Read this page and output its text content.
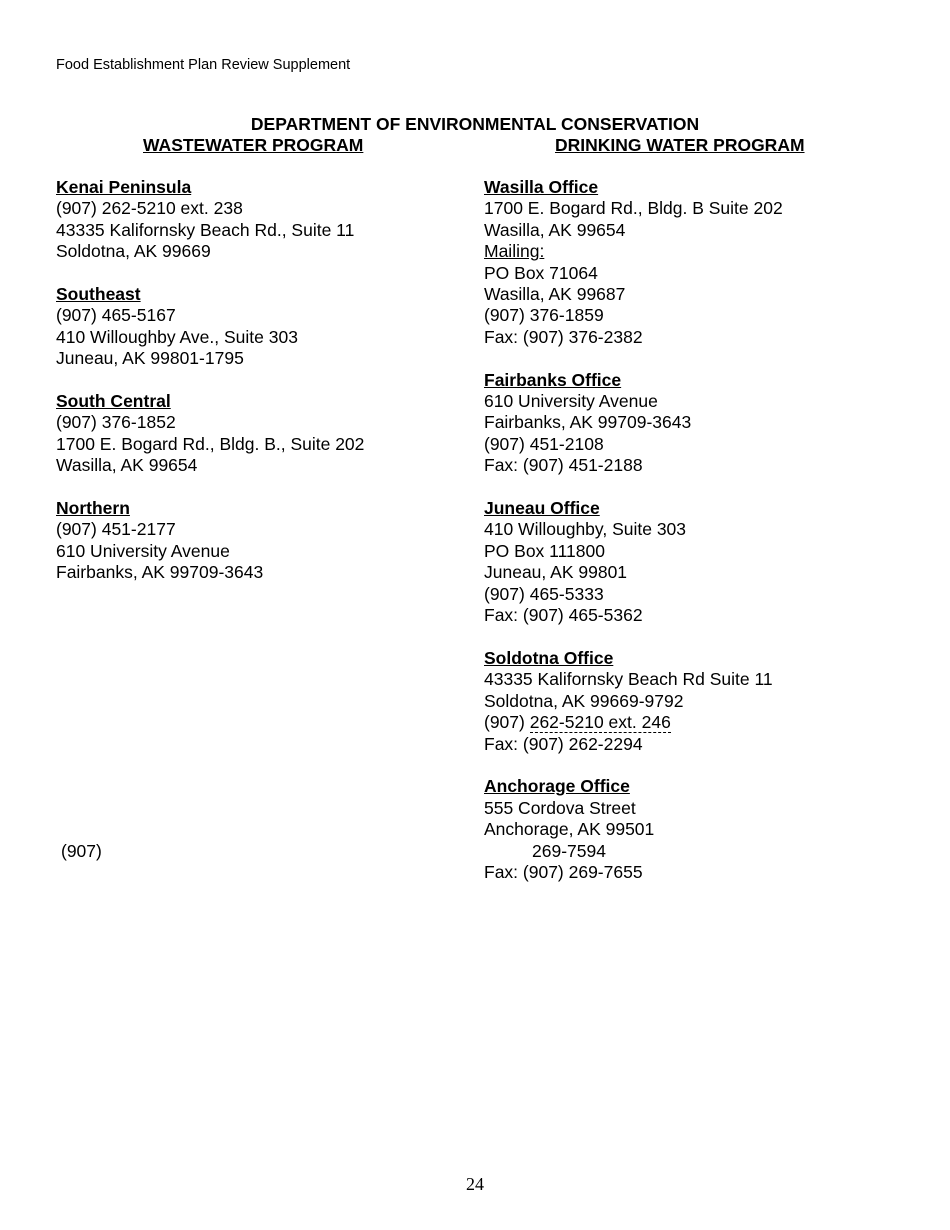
Food Establishment Plan Review Supplement
DEPARTMENT OF ENVIRONMENTAL CONSERVATION
WASTEWATER PROGRAM	DRINKING WATER PROGRAM
Kenai Peninsula
(907) 262-5210 ext. 238
43335 Kalifornsky Beach Rd., Suite 11
Soldotna, AK 99669
Southeast
(907) 465-5167
410 Willoughby Ave., Suite 303
Juneau, AK 99801-1795
South Central
(907) 376-1852
1700 E. Bogard Rd., Bldg. B., Suite 202
Wasilla, AK 99654
Northern
(907) 451-2177
610 University Avenue
Fairbanks, AK 99709-3643
(907)
Wasilla Office
1700 E. Bogard Rd., Bldg. B Suite 202
Wasilla, AK 99654
Mailing:
PO Box 71064
Wasilla, AK 99687
(907) 376-1859
Fax: (907) 376-2382
Fairbanks Office
610 University Avenue
Fairbanks, AK 99709-3643
(907) 451-2108
Fax: (907) 451-2188
Juneau Office
410 Willoughby, Suite 303
PO Box 111800
Juneau, AK 99801
(907) 465-5333
Fax: (907) 465-5362
Soldotna Office
43335 Kalifornsky Beach Rd Suite 11
Soldotna, AK 99669-9792
(907) 262-5210 ext. 246
Fax: (907) 262-2294
Anchorage Office
555 Cordova Street
Anchorage, AK 99501
269-7594
Fax: (907) 269-7655
24
